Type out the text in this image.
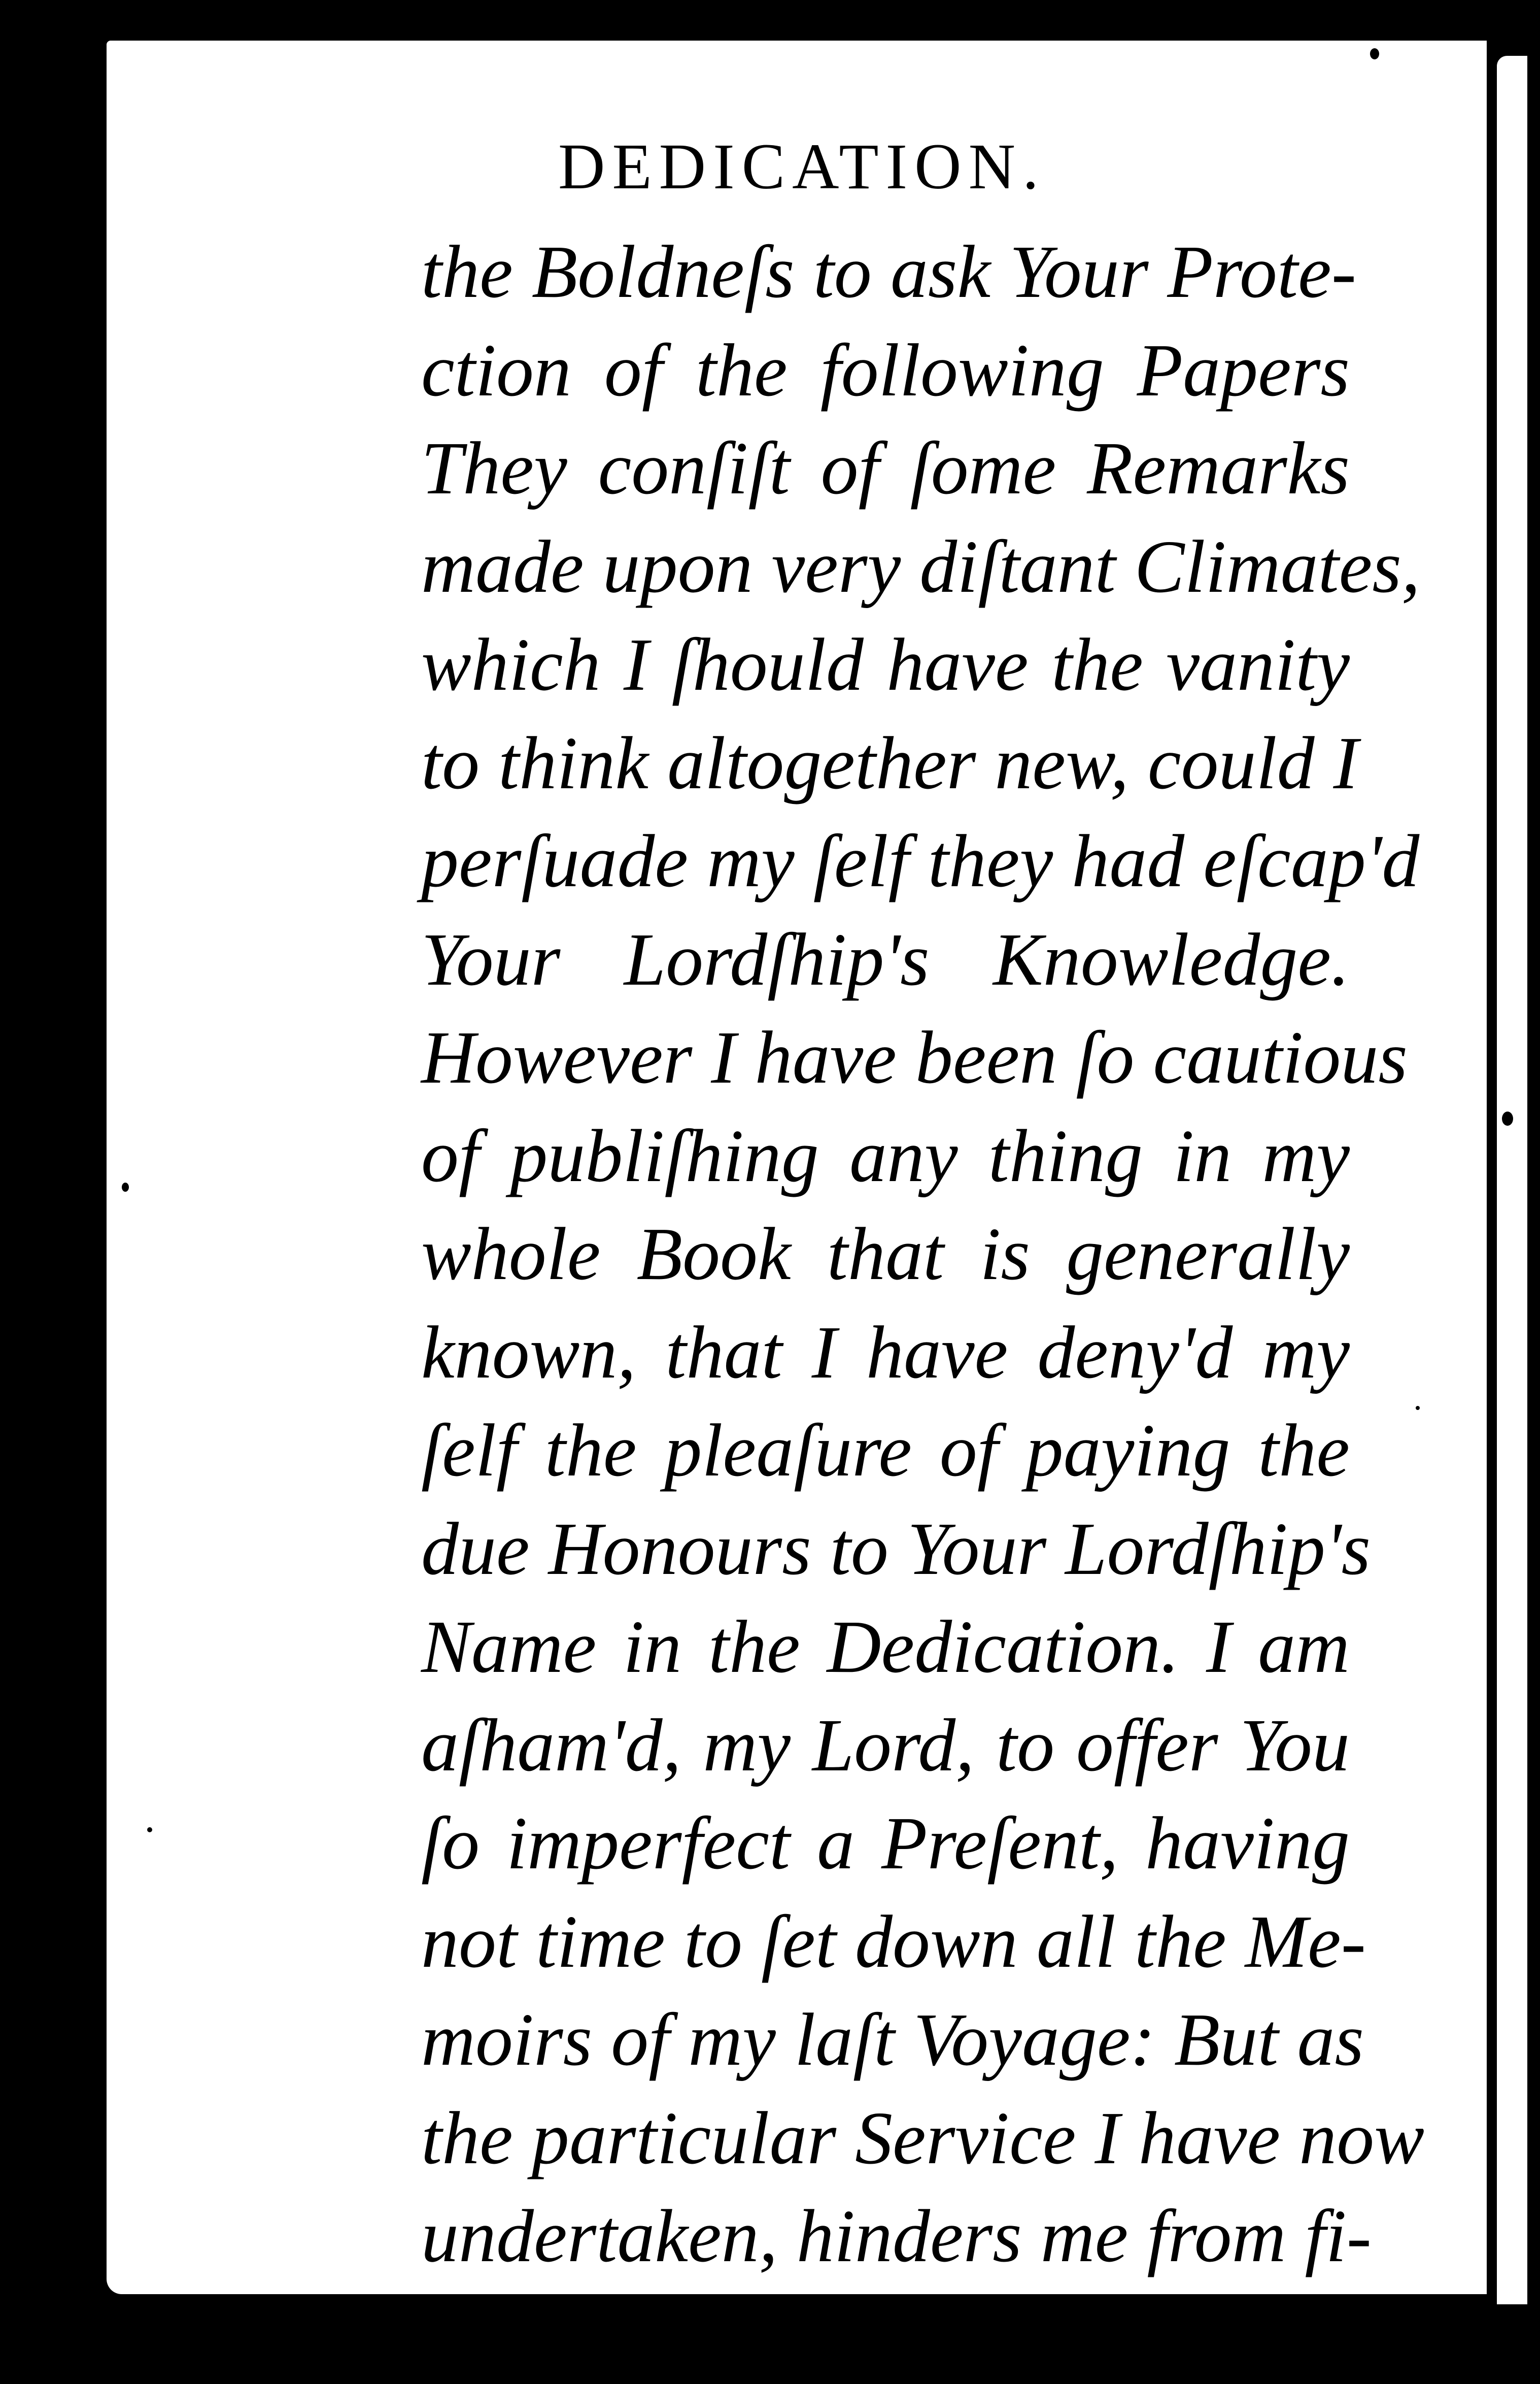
DEDICATION.
the Boldneſs to ask Your Prote-
ction of the following Papers
They conſiſt of ſome Remarks
made upon very diſtant Climates,
which I ſhould have the vanity
to think altogether new, could I
perſuade my ſelf they had eſcap'd
Your Lordſhip's Knowledge.
However I have been ſo cautious
of publiſhing any thing in my
whole Book that is generally
known, that I have deny'd my
ſelf the pleaſure of paying the
due Honours to Your Lordſhip's
Name in the Dedication. I am
aſham'd, my Lord, to offer You
ſo imperfect a Preſent, having
not time to ſet down all the Me-
moirs of my laſt Voyage: But as
the particular Service I have now
undertaken, hinders me from fi-
niſhing
